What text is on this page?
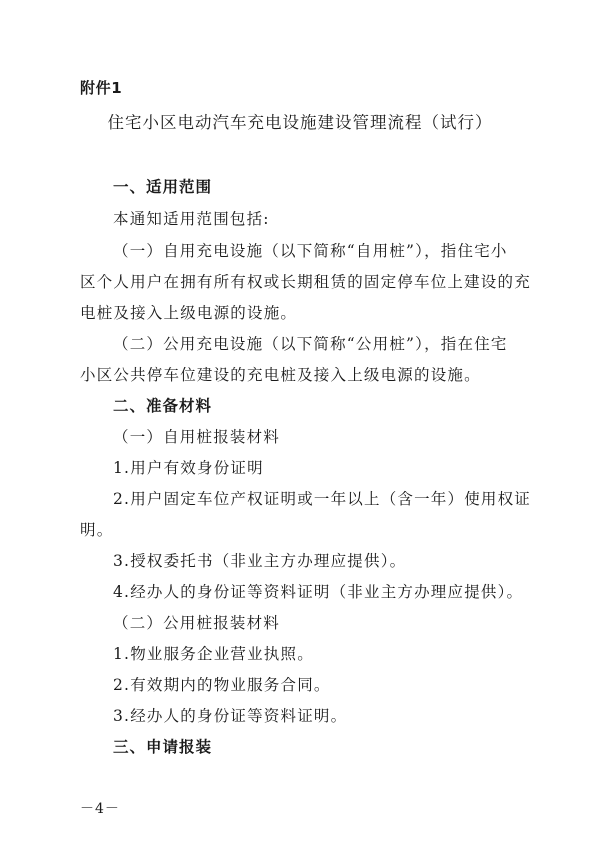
附件1
住宅小区电动汽车充电设施建设管理流程（试行）
一、适用范围
本通知适用范围包括:
（一）自用充电设施（以下简称“自用桩”），指住宅小
区个人用户在拥有所有权或长期租赁的固定停车位上建设的充
电桩及接入上级电源的设施。
（二）公用充电设施（以下简称“公用桩”），指在住宅
小区公共停车位建设的充电桩及接入上级电源的设施。
二、准备材料
（一）自用桩报装材料
1.用户有效身份证明
2.用户固定车位产权证明或一年以上（含一年）使用权证
明。
3.授权委托书（非业主方办理应提供）。
4.经办人的身份证等资料证明（非业主方办理应提供）。
（二）公用桩报装材料
1.物业服务企业营业执照。
2.有效期内的物业服务合同。
3.经办人的身份证等资料证明。
三、申请报装
－4－
